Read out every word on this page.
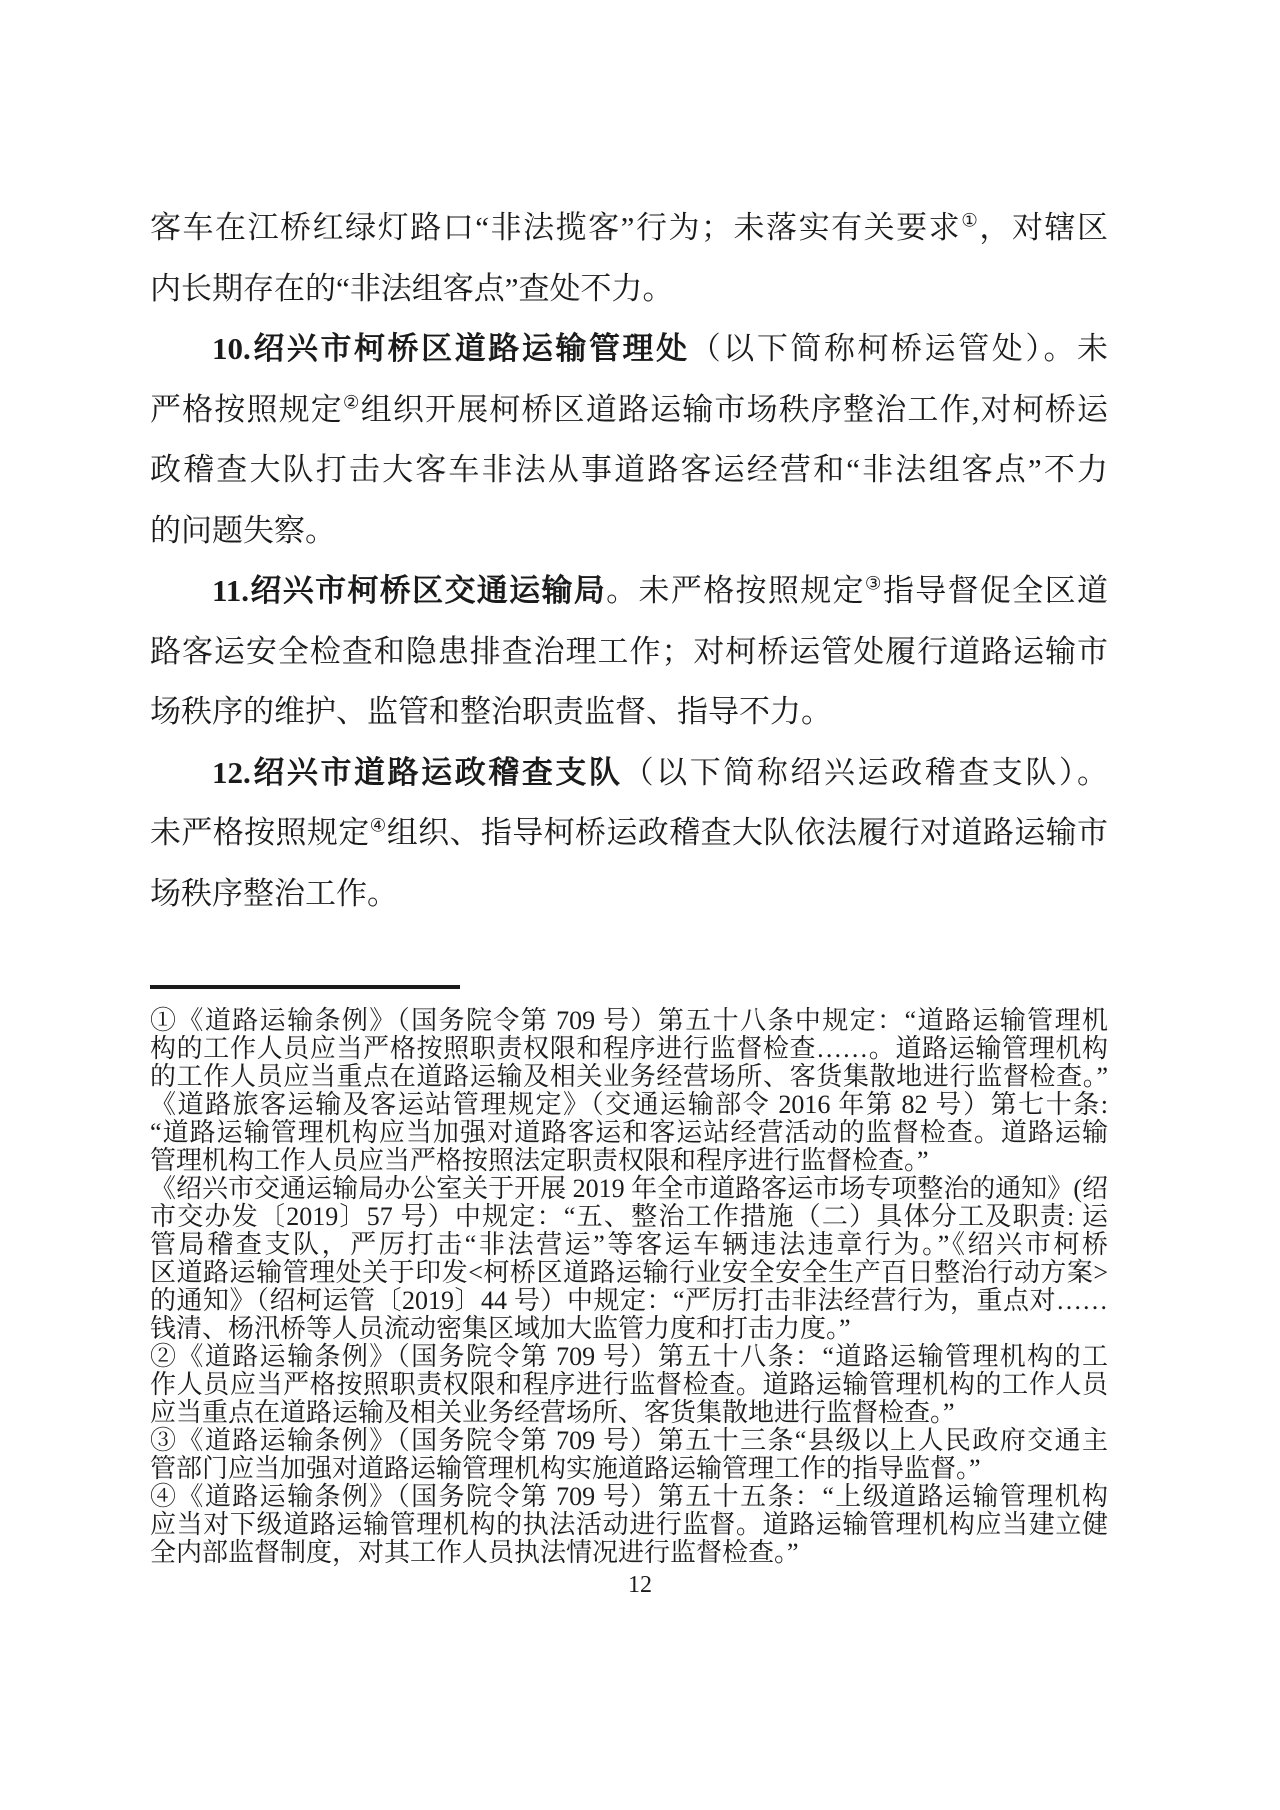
客车在江桥红绿灯路口“非法揽客”行为；未落实有关要求①，对辖区
内长期存在的“非法组客点”查处不力。
10.绍兴市柯桥区道路运输管理处（以下简称柯桥运管处）。未
严格按照规定②组织开展柯桥区道路运输市场秩序整治工作,对柯桥运
政稽查大队打击大客车非法从事道路客运经营和“非法组客点”不力
的问题失察。
11.绍兴市柯桥区交通运输局。未严格按照规定③指导督促全区道
路客运安全检查和隐患排查治理工作；对柯桥运管处履行道路运输市
场秩序的维护、监管和整治职责监督、指导不力。
12.绍兴市道路运政稽查支队（以下简称绍兴运政稽查支队）。
未严格按照规定④组织、指导柯桥运政稽查大队依法履行对道路运输市
场秩序整治工作。
①《道路运输条例》（国务院令第 709 号）第五十八条中规定：“道路运输管理机
构的工作人员应当严格按照职责权限和程序进行监督检查……。道路运输管理机构
的工作人员应当重点在道路运输及相关业务经营场所、客货集散地进行监督检查。”
《道路旅客运输及客运站管理规定》（交通运输部令 2016 年第 82 号）第七十条:
“道路运输管理机构应当加强对道路客运和客运站经营活动的监督检查。道路运输
管理机构工作人员应当严格按照法定职责权限和程序进行监督检查。”
《绍兴市交通运输局办公室关于开展 2019 年全市道路客运市场专项整治的通知》(绍
市交办发〔2019〕57 号）中规定：“五、整治工作措施（二）具体分工及职责: 运
管局稽查支队，严厉打击“非法营运”等客运车辆违法违章行为。”《绍兴市柯桥
区道路运输管理处关于印发<柯桥区道路运输行业安全安全生产百日整治行动方案>
的通知》（绍柯运管〔2019〕44 号）中规定：“严厉打击非法经营行为，重点对……
钱清、杨汛桥等人员流动密集区域加大监管力度和打击力度。”
②《道路运输条例》（国务院令第 709 号）第五十八条：“道路运输管理机构的工
作人员应当严格按照职责权限和程序进行监督检查。道路运输管理机构的工作人员
应当重点在道路运输及相关业务经营场所、客货集散地进行监督检查。”
③《道路运输条例》（国务院令第 709 号）第五十三条“县级以上人民政府交通主
管部门应当加强对道路运输管理机构实施道路运输管理工作的指导监督。”
④《道路运输条例》（国务院令第 709 号）第五十五条：“上级道路运输管理机构
应当对下级道路运输管理机构的执法活动进行监督。道路运输管理机构应当建立健
全内部监督制度，对其工作人员执法情况进行监督检查。”
12
